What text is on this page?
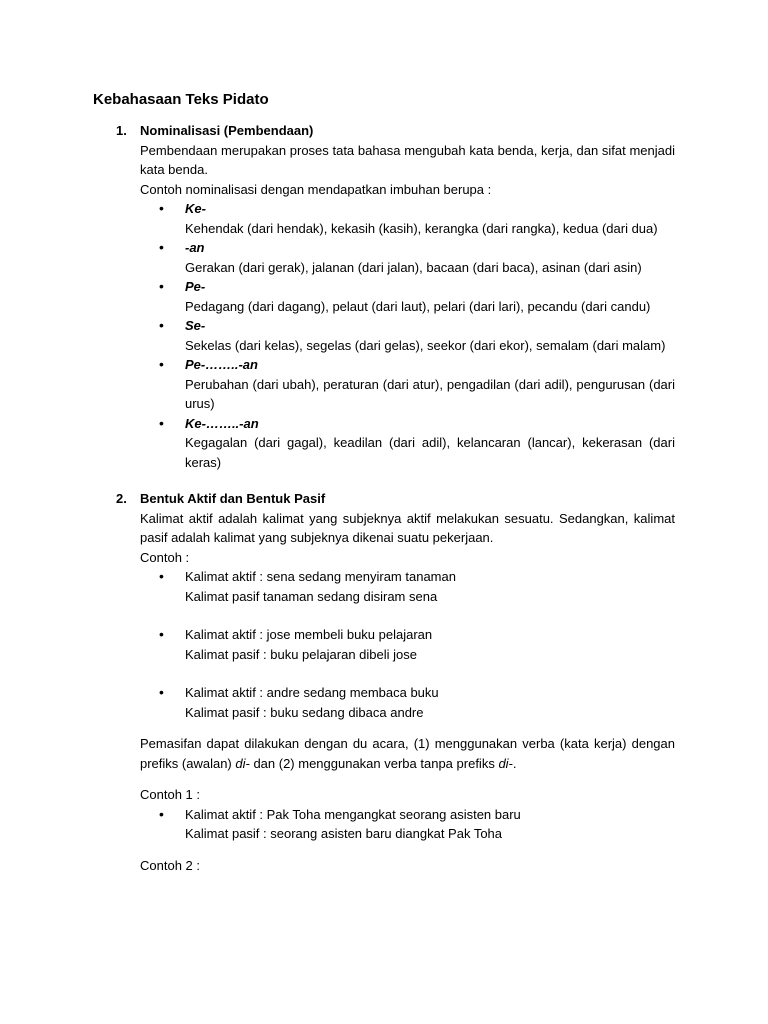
Kebahasaan Teks Pidato
1. Nominalisasi (Pembendaan)

Pembendaan merupakan proses tata bahasa mengubah kata benda, kerja, dan sifat menjadi kata benda.

Contoh nominalisasi dengan mendapatkan imbuhan berupa :

• Ke-

Kehendak (dari hendak), kekasih (kasih), kerangka (dari rangka), kedua (dari dua)

• -an

Gerakan (dari gerak), jalanan (dari jalan), bacaan (dari baca), asinan (dari asin)

• Pe-

Pedagang (dari dagang), pelaut (dari laut), pelari (dari lari), pecandu (dari candu)

• Se-

Sekelas (dari kelas), segelas (dari gelas), seekor (dari ekor), semalam (dari malam)

• Pe-……..-an

Perubahan (dari ubah), peraturan (dari atur), pengadilan (dari adil), pengurusan (dari urus)

• Ke-……..-an

Kegagalan (dari gagal), keadilan (dari adil), kelancaran (lancar), kekerasan (dari keras)

2. Bentuk Aktif dan Bentuk Pasif

Kalimat aktif adalah kalimat yang subjeknya aktif melakukan sesuatu. Sedangkan, kalimat pasif adalah kalimat yang subjeknya dikenai suatu pekerjaan.

Contoh :
• Kalimat aktif : sena sedang menyiram tanaman
Kalimat pasif tanaman sedang disiram sena
• Kalimat aktif : jose membeli buku pelajaran
Kalimat pasif : buku pelajaran dibeli jose
• Kalimat aktif : andre sedang membaca buku
Kalimat pasif : buku sedang dibaca andre

Pemasifan dapat dilakukan dengan du acara, (1) menggunakan verba (kata kerja) dengan prefiks (awalan) di- dan (2) menggunakan verba tanpa prefiks di-.

Contoh 1 :
• Kalimat aktif : Pak Toha mengangkat seorang asisten baru
Kalimat pasif : seorang asisten baru diangkat Pak Toha
Contoh 2 :
